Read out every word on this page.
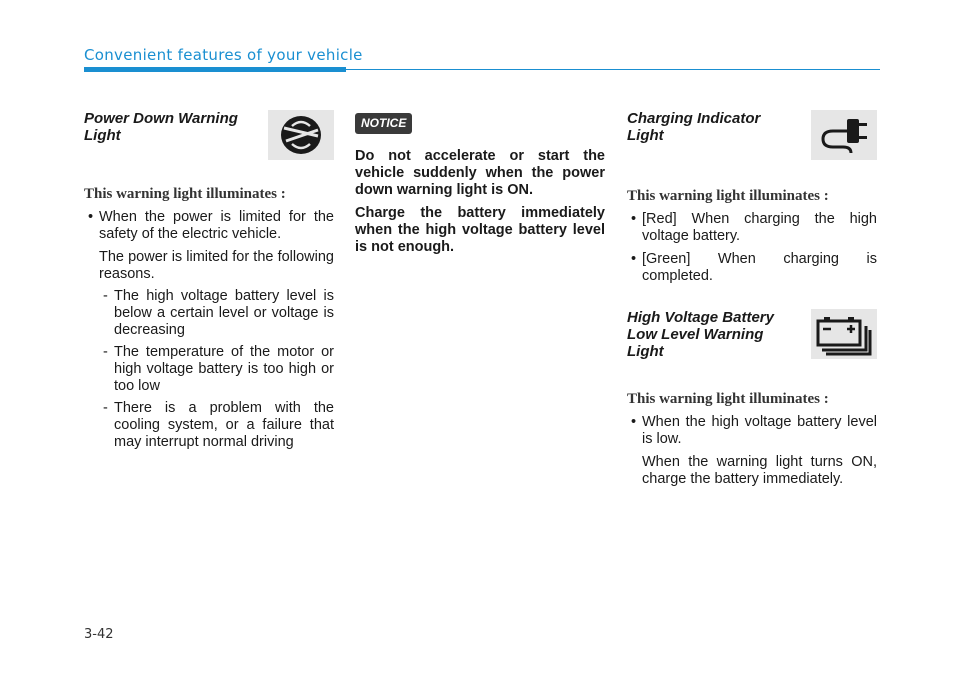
Convenient features of your vehicle

Power Down Warning
Light

This warning light illuminates :

• When the power is limited for the safety of the electric vehicle.

The power is limited for the following reasons.

- The high voltage battery level is below a certain level or voltage is decreasing

- The temperature of the motor or high voltage battery is too high or too low

- There is a problem with the cooling system, or a failure that may interrupt normal driving

NOTICE

Do not accelerate or start the vehicle suddenly when the power down warning light is ON.

Charge the battery immediately when the high voltage battery level is not enough.

Charging Indicator
Light

This warning light illuminates :

• [Red] When charging the high voltage battery.

• [Green] When charging is completed.

High Voltage Battery
Low Level Warning
Light

This warning light illuminates :

• When the high voltage battery level is low.

When the warning light turns ON, charge the battery immediately.

3-42
